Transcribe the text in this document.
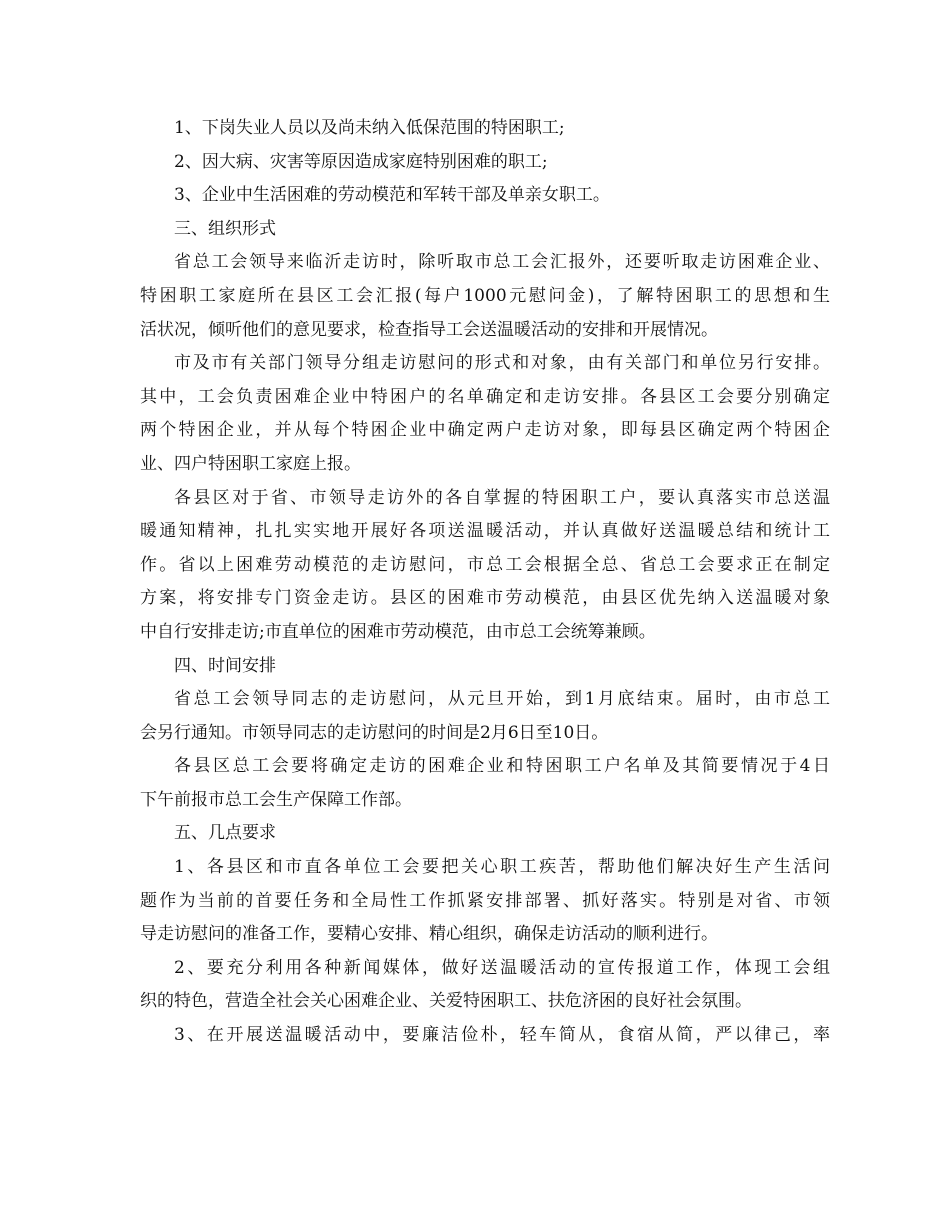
1、下岗失业人员以及尚未纳入低保范围的特困职工;
2、因大病、灾害等原因造成家庭特别困难的职工;
3、企业中生活困难的劳动模范和军转干部及单亲女职工。
三、组织形式
省总工会领导来临沂走访时，除听取市总工会汇报外，还要听取走访困难企业、
特困职工家庭所在县区工会汇报(每户1000元慰问金)，了解特困职工的思想和生
活状况，倾听他们的意见要求，检查指导工会送温暖活动的安排和开展情况。
市及市有关部门领导分组走访慰问的形式和对象，由有关部门和单位另行安排。
其中，工会负责困难企业中特困户的名单确定和走访安排。各县区工会要分别确定
两个特困企业，并从每个特困企业中确定两户走访对象，即每县区确定两个特困企
业、四户特困职工家庭上报。
各县区对于省、市领导走访外的各自掌握的特困职工户，要认真落实市总送温
暖通知精神，扎扎实实地开展好各项送温暖活动，并认真做好送温暖总结和统计工
作。省以上困难劳动模范的走访慰问，市总工会根据全总、省总工会要求正在制定
方案，将安排专门资金走访。县区的困难市劳动模范，由县区优先纳入送温暖对象
中自行安排走访;市直单位的困难市劳动模范，由市总工会统筹兼顾。
四、时间安排
省总工会领导同志的走访慰问，从元旦开始，到1月底结束。届时，由市总工
会另行通知。市领导同志的走访慰问的时间是2月6日至10日。
各县区总工会要将确定走访的困难企业和特困职工户名单及其简要情况于4日
下午前报市总工会生产保障工作部。
五、几点要求
1、各县区和市直各单位工会要把关心职工疾苦，帮助他们解决好生产生活问
题作为当前的首要任务和全局性工作抓紧安排部署、抓好落实。特别是对省、市领
导走访慰问的准备工作，要精心安排、精心组织，确保走访活动的顺利进行。
2、要充分利用各种新闻媒体，做好送温暖活动的宣传报道工作，体现工会组
织的特色，营造全社会关心困难企业、关爱特困职工、扶危济困的良好社会氛围。
3、在开展送温暖活动中，要廉洁俭朴，轻车简从，食宿从简，严以律己，率
